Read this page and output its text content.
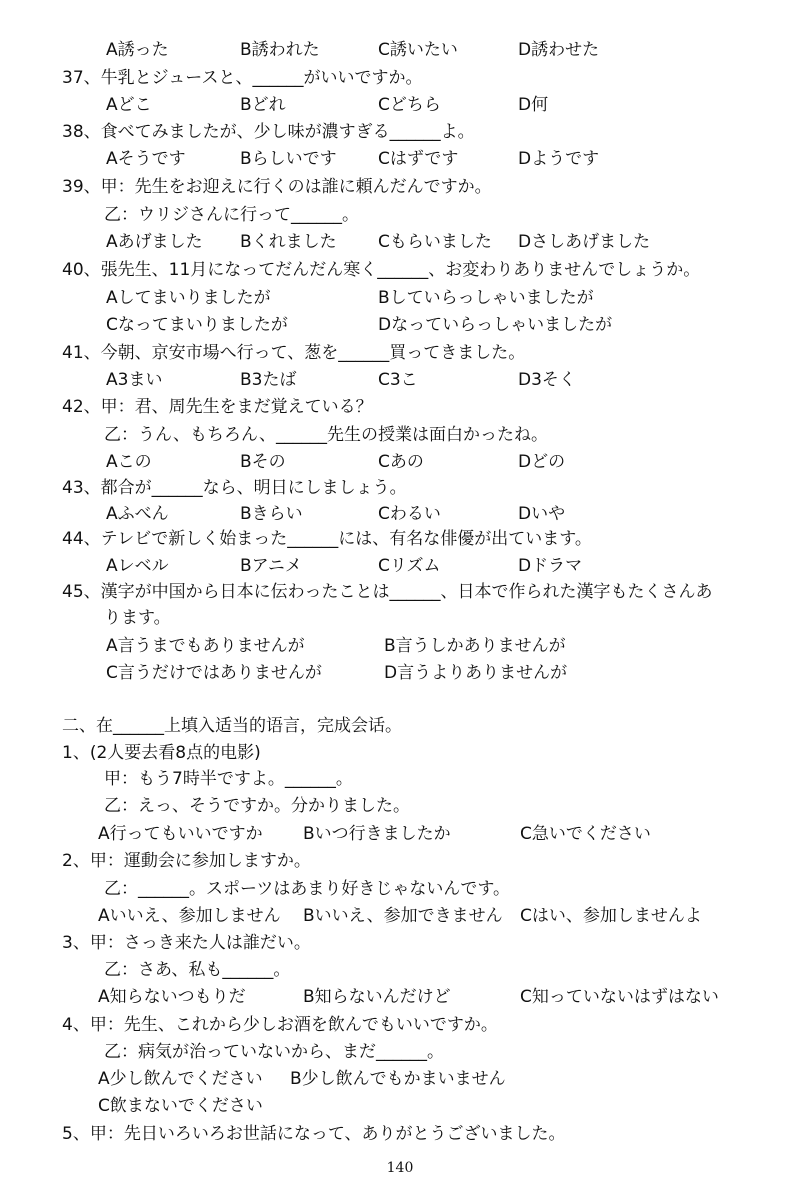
A誘った	B誘われた	C誘いたい	D誘わせた
37、牛乳とジュースと、______がいいですか。
Aどこ	Bどれ	Cどちら	D何
38、食べてみましたが、少し味が濃すぎる______よ。
Aそうです	Bらしいです Cはずです	Dようです
39、甲：先生をお迎えに行くのは誰に頼んだんですか。
乙：ウリジさんに行って______。
Aあげました Bくれました Cもらいました Dさしあげました
40、張先生、11月になってだんだん寒く______、お変わりありませんでしょうか。
Aしてまいりましたが	Bしていらっしゃいましたが
Cなってまいりましたが	Dなっていらっしゃいましたが
41、今朝、京安市場へ行って、葱を______買ってきました。
A3まい	B3たば	C3こ	D3そく
42、甲：君、周先生をまだ覚えている？
乙：うん、もちろん、______先生の授業は面白かったね。
Aこの	Bその	Cあの	Dどの
43、都合が______なら、明日にしましょう。
Aふべん	Bきらい	Cわるい	Dいや
44、テレビで新しく始まった______には、有名な俳優が出ています。
Aレベル	Bアニメ	Cリズム	Dドラマ
45、漢字が中国から日本に伝わったことは______、日本で作られた漢字もたくさんあ
ります。
A言うまでもありませんが	B言うしかありませんが
C言うだけではありませんが	D言うよりありませんが
二、在______上填入适当的语言，完成会话。
1、(2人要去看8点的电影)
甲：もう7時半ですよ。______。
乙：えっ、そうですか。分かりました。
A行ってもいいですか Bいつ行きましたか	C急いでください
2、甲：運動会に参加しますか。
乙：______。スポーツはあまり好きじゃないんです。
Aいいえ、参加しません Bいいえ、参加できません Cはい、参加しませんよ
3、甲：さっき来た人は誰だい。
乙：さあ、私も______。
A知らないつもりだ	B知らないんだけど	C知っていないはずはない
4、甲：先生、これから少しお酒を飲んでもいいですか。
乙：病気が治っていないから、まだ______。
A少し飲んでください B少し飲んでもかまいません
C飲まないでください
5、甲：先日いろいろお世話になって、ありがとうございました。
140
